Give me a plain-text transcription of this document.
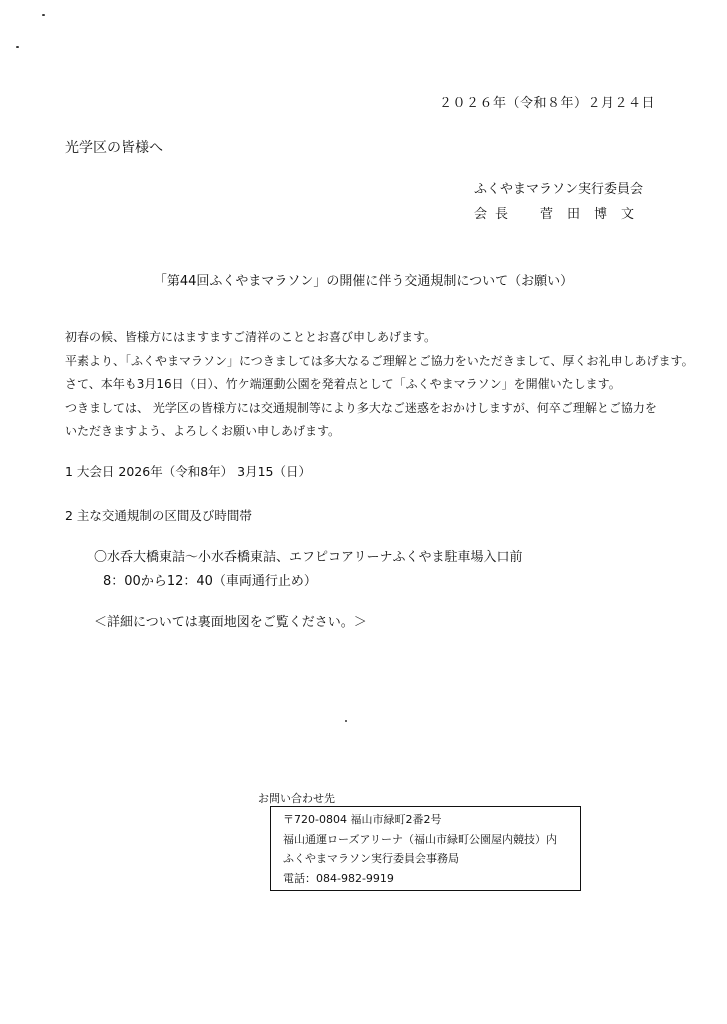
２０２６年（令和８年）２月２４日
光学区の皆様へ
ふくやまマラソン実行委員会
会長 菅田博文
「第44回ふくやまマラソン」の開催に伴う交通規制について（お願い）
初春の候、皆様方にはますますご清祥のこととお喜び申しあげます。
平素より、「ふくやまマラソン」につきましては多大なるご理解とご協力をいただきまして、厚くお礼申しあげます。
さて、本年も3月16日（日）、竹ケ端運動公園を発着点として「ふくやまマラソン」を開催いたします。
つきましては、 光学区の皆様方には交通規制等により多大なご迷惑をおかけしますが、何卒ご理解とご協力を
いただきますよう、よろしくお願い申しあげます。
1 大会日 2026年（令和8年） 3月15（日）
2 主な交通規制の区間及び時間帯
〇水呑大橋東詰～小水呑橋東詰、エフピコアリーナふくやま駐車場入口前
8：00から12：40（車両通行止め）
＜詳細については裏面地図をご覧ください。＞
お問い合わせ先
〒720-0804 福山市緑町2番2号
福山通運ローズアリーナ（福山市緑町公園屋内競技）内
ふくやまマラソン実行委員会事務局
電話：084-982-9919
